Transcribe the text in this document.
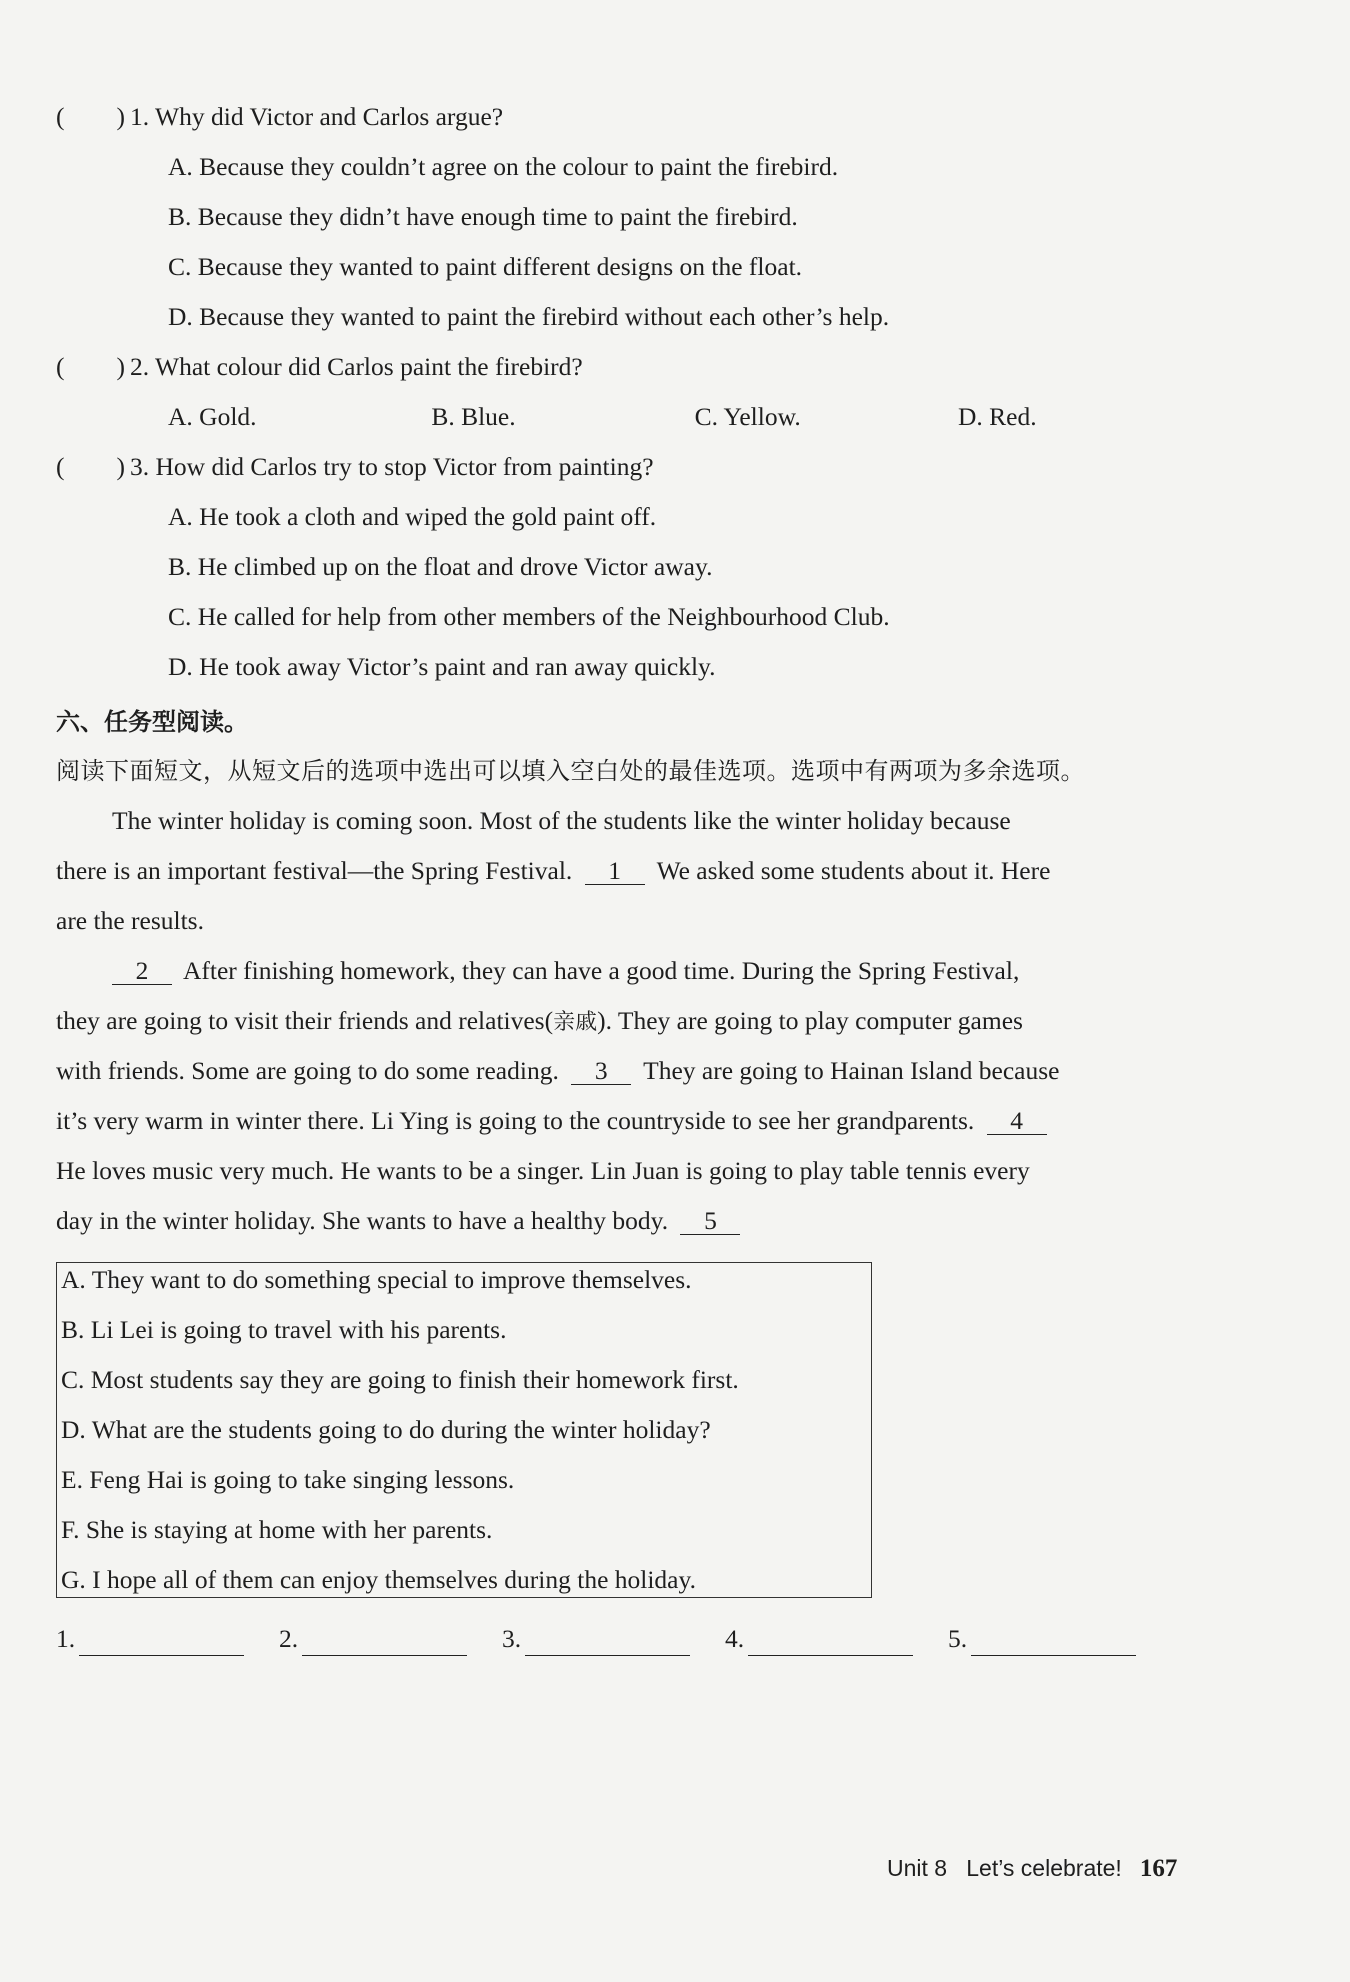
( ) 1. Why did Victor and Carlos argue?
A. Because they couldn’t agree on the colour to paint the firebird.
B. Because they didn’t have enough time to paint the firebird.
C. Because they wanted to paint different designs on the float.
D. Because they wanted to paint the firebird without each other’s help.
( ) 2. What colour did Carlos paint the firebird?
A. Gold.	B. Blue.	C. Yellow.	D. Red.
( ) 3. How did Carlos try to stop Victor from painting?
A. He took a cloth and wiped the gold paint off.
B. He climbed up on the float and drove Victor away.
C. He called for help from other members of the Neighbourhood Club.
D. He took away Victor’s paint and ran away quickly.
六、任务型阅读。
阅读下面短文，从短文后的选项中选出可以填入空白处的最佳选项。选项中有两项为多余选项。
The winter holiday is coming soon. Most of the students like the winter holiday because
there is an important festival—the Spring Festival. 1 We asked some students about it. Here
are the results.
2 After finishing homework, they can have a good time. During the Spring Festival,
they are going to visit their friends and relatives(亲戚). They are going to play computer games
with friends. Some are going to do some reading. 3 They are going to Hainan Island because
it’s very warm in winter there. Li Ying is going to the countryside to see her grandparents. 4
He loves music very much. He wants to be a singer. Lin Juan is going to play table tennis every
day in the winter holiday. She wants to have a healthy body. 5
A. They want to do something special to improve themselves.
B. Li Lei is going to travel with his parents.
C. Most students say they are going to finish their homework first.
D. What are the students going to do during the winter holiday?
E. Feng Hai is going to take singing lessons.
F. She is staying at home with her parents.
G. I hope all of them can enjoy themselves during the holiday.
1.	2.	3.	4.	5.
Unit 8   Let’s celebrate! 167
